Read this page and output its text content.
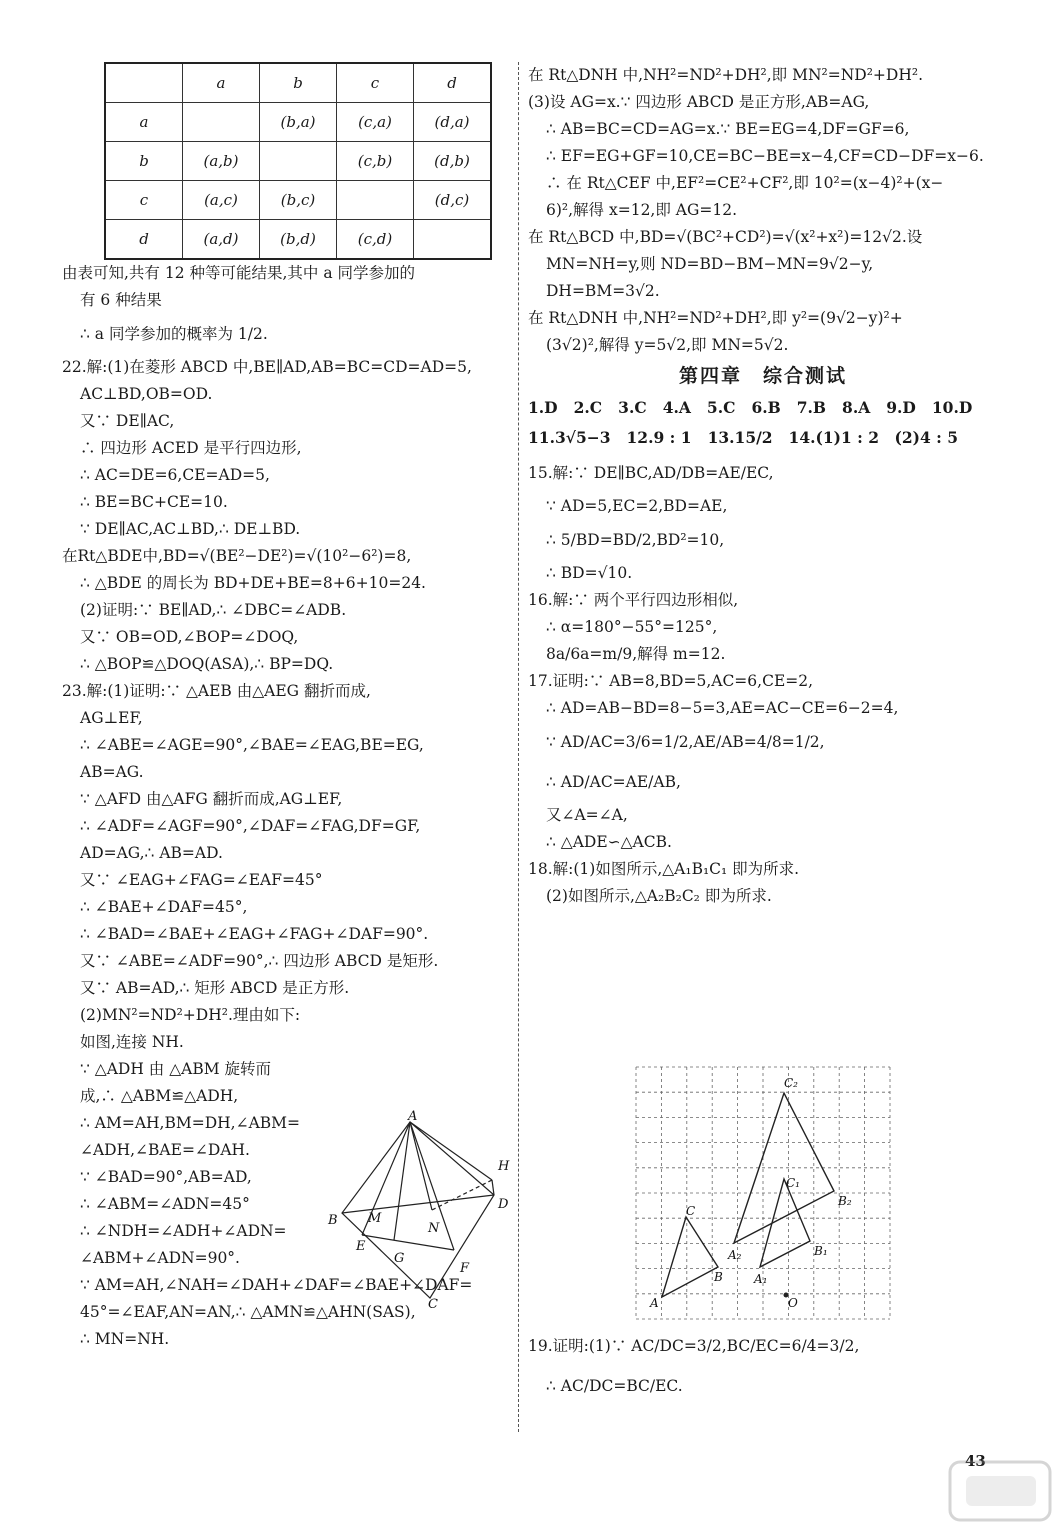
	a	b	c	d
a		(b,a)	(c,a)	(d,a)
b	(a,b)		(c,b)	(d,b)
c	(a,c)	(b,c)		(d,c)
d	(a,d)	(b,d)	(c,d)	
由表可知,共有 12 种等可能结果,其中 a 同学参加的
有 6 种结果
∴ a 同学参加的概率为 1/2.
22.解:(1)在菱形 ABCD 中,BE∥AD,AB=BC=CD=AD=5,
AC⊥BD,OB=OD.
又∵ DE∥AC,
∴ 四边形 ACED 是平行四边形,
∴ AC=DE=6,CE=AD=5,
∴ BE=BC+CE=10.
∵ DE∥AC,AC⊥BD,∴ DE⊥BD.
在Rt△BDE中,BD=√(BE²−DE²)=√(10²−6²)=8,
∴ △BDE 的周长为 BD+DE+BE=8+6+10=24.
(2)证明:∵ BE∥AD,∴ ∠DBC=∠ADB.
又∵ OB=OD,∠BOP=∠DOQ,
∴ △BOP≌△DOQ(ASA),∴ BP=DQ.
23.解:(1)证明:∵ △AEB 由△AEG 翻折而成,
AG⊥EF,
∴ ∠ABE=∠AGE=90°,∠BAE=∠EAG,BE=EG,
AB=AG.
∵ △AFD 由△AFG 翻折而成,AG⊥EF,
∴ ∠ADF=∠AGF=90°,∠DAF=∠FAG,DF=GF,
AD=AG,∴ AB=AD.
又∵ ∠EAG+∠FAG=∠EAF=45°
∴ ∠BAE+∠DAF=45°,
∴ ∠BAD=∠BAE+∠EAG+∠FAG+∠DAF=90°.
又∵ ∠ABE=∠ADF=90°,∴ 四边形 ABCD 是矩形.
又∵ AB=AD,∴ 矩形 ABCD 是正方形.
(2)MN²=ND²+DH².理由如下:
如图,连接 NH.
∵ △ADH 由 △ABM 旋转而
成,∴ △ABM≌△ADH,
∴ AM=AH,BM=DH,∠ABM=
∠ADH,∠BAE=∠DAH.
∵ ∠BAD=90°,AB=AD,
∴ ∠ABM=∠ADN=45°
∴ ∠NDH=∠ADH+∠ADN=
∠ABM+∠ADN=90°.
∵ AM=AH,∠NAH=∠DAH+∠DAF=∠BAE+∠DAF=
45°=∠EAF,AN=AN,∴ △AMN≌△AHN(SAS),
∴ MN=NH.
在 Rt△DNH 中,NH²=ND²+DH²,即 MN²=ND²+DH².
(3)设 AG=x.∵ 四边形 ABCD 是正方形,AB=AG,
∴ AB=BC=CD=AG=x.∵ BE=EG=4,DF=GF=6,
∴ EF=EG+GF=10,CE=BC−BE=x−4,CF=CD−DF=x−6.
∴ 在 Rt△CEF 中,EF²=CE²+CF²,即 10²=(x−4)²+(x−
6)²,解得 x=12,即 AG=12.
在 Rt△BCD 中,BD=√(BC²+CD²)=√(x²+x²)=12√2.设
MN=NH=y,则 ND=BD−BM−MN=9√2−y,
DH=BM=3√2.
在 Rt△DNH 中,NH²=ND²+DH²,即 y²=(9√2−y)²+
(3√2)²,解得 y=5√2,即 MN=5√2.
第四章　综合测试
1.D 2.C 3.C 4.A 5.C 6.B 7.B 8.A 9.D 10.D
11.3√5−3 12.9 : 1 13.15/2 14.(1)1 : 2　(2)4 : 5
15.解:∵ DE∥BC,AD/DB=AE/EC,
∵ AD=5,EC=2,BD=AE,
∴ 5/BD=BD/2,BD²=10,
∴ BD=√10.
16.解:∵ 两个平行四边形相似,
∴ α=180°−55°=125°,
8a/6a=m/9,解得 m=12.
17.证明:∵ AB=8,BD=5,AC=6,CE=2,
∴ AD=AB−BD=8−5=3,AE=AC−CE=6−2=4,
∵ AD/AC=3/6=1/2,AE/AB=4/8=1/2,
∴ AD/AC=AE/AB,
又∠A=∠A,
∴ △ADE∽△ACB.
18.解:(1)如图所示,△A₁B₁C₁ 即为所求.
(2)如图所示,△A₂B₂C₂ 即为所求.
A
H
M
D
B
N
E
G
F
C
C₂
C₁
B₂
C
A₂	B₁
A₁
B
A	O
19.证明:(1)∵ AC/DC=3/2,BC/EC=6/4=3/2,
∴ AC/DC=BC/EC.
43
